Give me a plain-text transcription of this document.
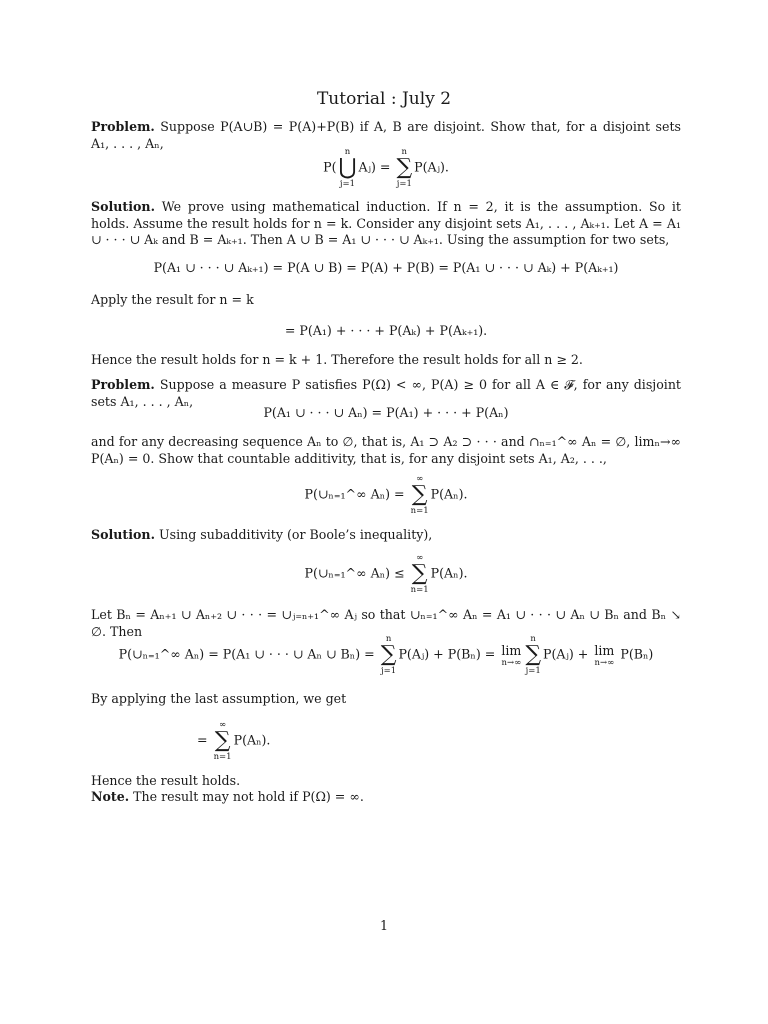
Tutorial : July 2
Problem. Suppose P(A∪B) = P(A)+P(B) if A, B are disjoint. Show that, for a disjoint sets A₁, . . . , Aₙ,
P(
n
⋃
j=1
Aⱼ) =
n
∑
j=1
P(Aⱼ).
Solution. We prove using mathematical induction. If n = 2, it is the assumption. So it holds. Assume the result holds for n = k. Consider any disjoint sets A₁, . . . , Aₖ₊₁. Let A = A₁ ∪ · · · ∪ Aₖ and B = Aₖ₊₁. Then A ∪ B = A₁ ∪ · · · ∪ Aₖ₊₁. Using the assumption for two sets,
P(A₁ ∪ · · · ∪ Aₖ₊₁) = P(A ∪ B) = P(A) + P(B) = P(A₁ ∪ · · · ∪ Aₖ) + P(Aₖ₊₁)
Apply the result for n = k
= P(A₁) + · · · + P(Aₖ) + P(Aₖ₊₁).
Hence the result holds for n = k + 1. Therefore the result holds for all n ≥ 2.
Problem. Suppose a measure P satisfies P(Ω) < ∞, P(A) ≥ 0 for all A ∈ 𝓕, for any disjoint sets A₁, . . . , Aₙ,
P(A₁ ∪ · · · ∪ Aₙ) = P(A₁) + · · · + P(Aₙ)
and for any decreasing sequence Aₙ to ∅, that is, A₁ ⊃ A₂ ⊃ · · · and ∩ₙ₌₁^∞ Aₙ = ∅, limₙ→∞ P(Aₙ) = 0. Show that countable additivity, that is, for any disjoint sets A₁, A₂, . . .,
P(∪ₙ₌₁^∞ Aₙ) =
∞
∑
n=1
P(Aₙ).
Solution. Using subadditivity (or Boole’s inequality),
P(∪ₙ₌₁^∞ Aₙ) ≤
∞
∑
n=1
P(Aₙ).
Let Bₙ = Aₙ₊₁ ∪ Aₙ₊₂ ∪ · · · = ∪ⱼ₌ₙ₊₁^∞ Aⱼ so that ∪ₙ₌₁^∞ Aₙ = A₁ ∪ · · · ∪ Aₙ ∪ Bₙ and Bₙ ↘ ∅. Then
P(∪ₙ₌₁^∞ Aₙ) = P(A₁ ∪ · · · ∪ Aₙ ∪ Bₙ) =
n
∑
j=1
P(Aⱼ) + P(Bₙ) = lim
n→∞
n
∑
j=1
P(Aⱼ) + lim
n→∞
P(Bₙ)
By applying the last assumption, we get
=
∞
∑
n=1
P(Aₙ).
Hence the result holds.
Note. The result may not hold if P(Ω) = ∞.
1
